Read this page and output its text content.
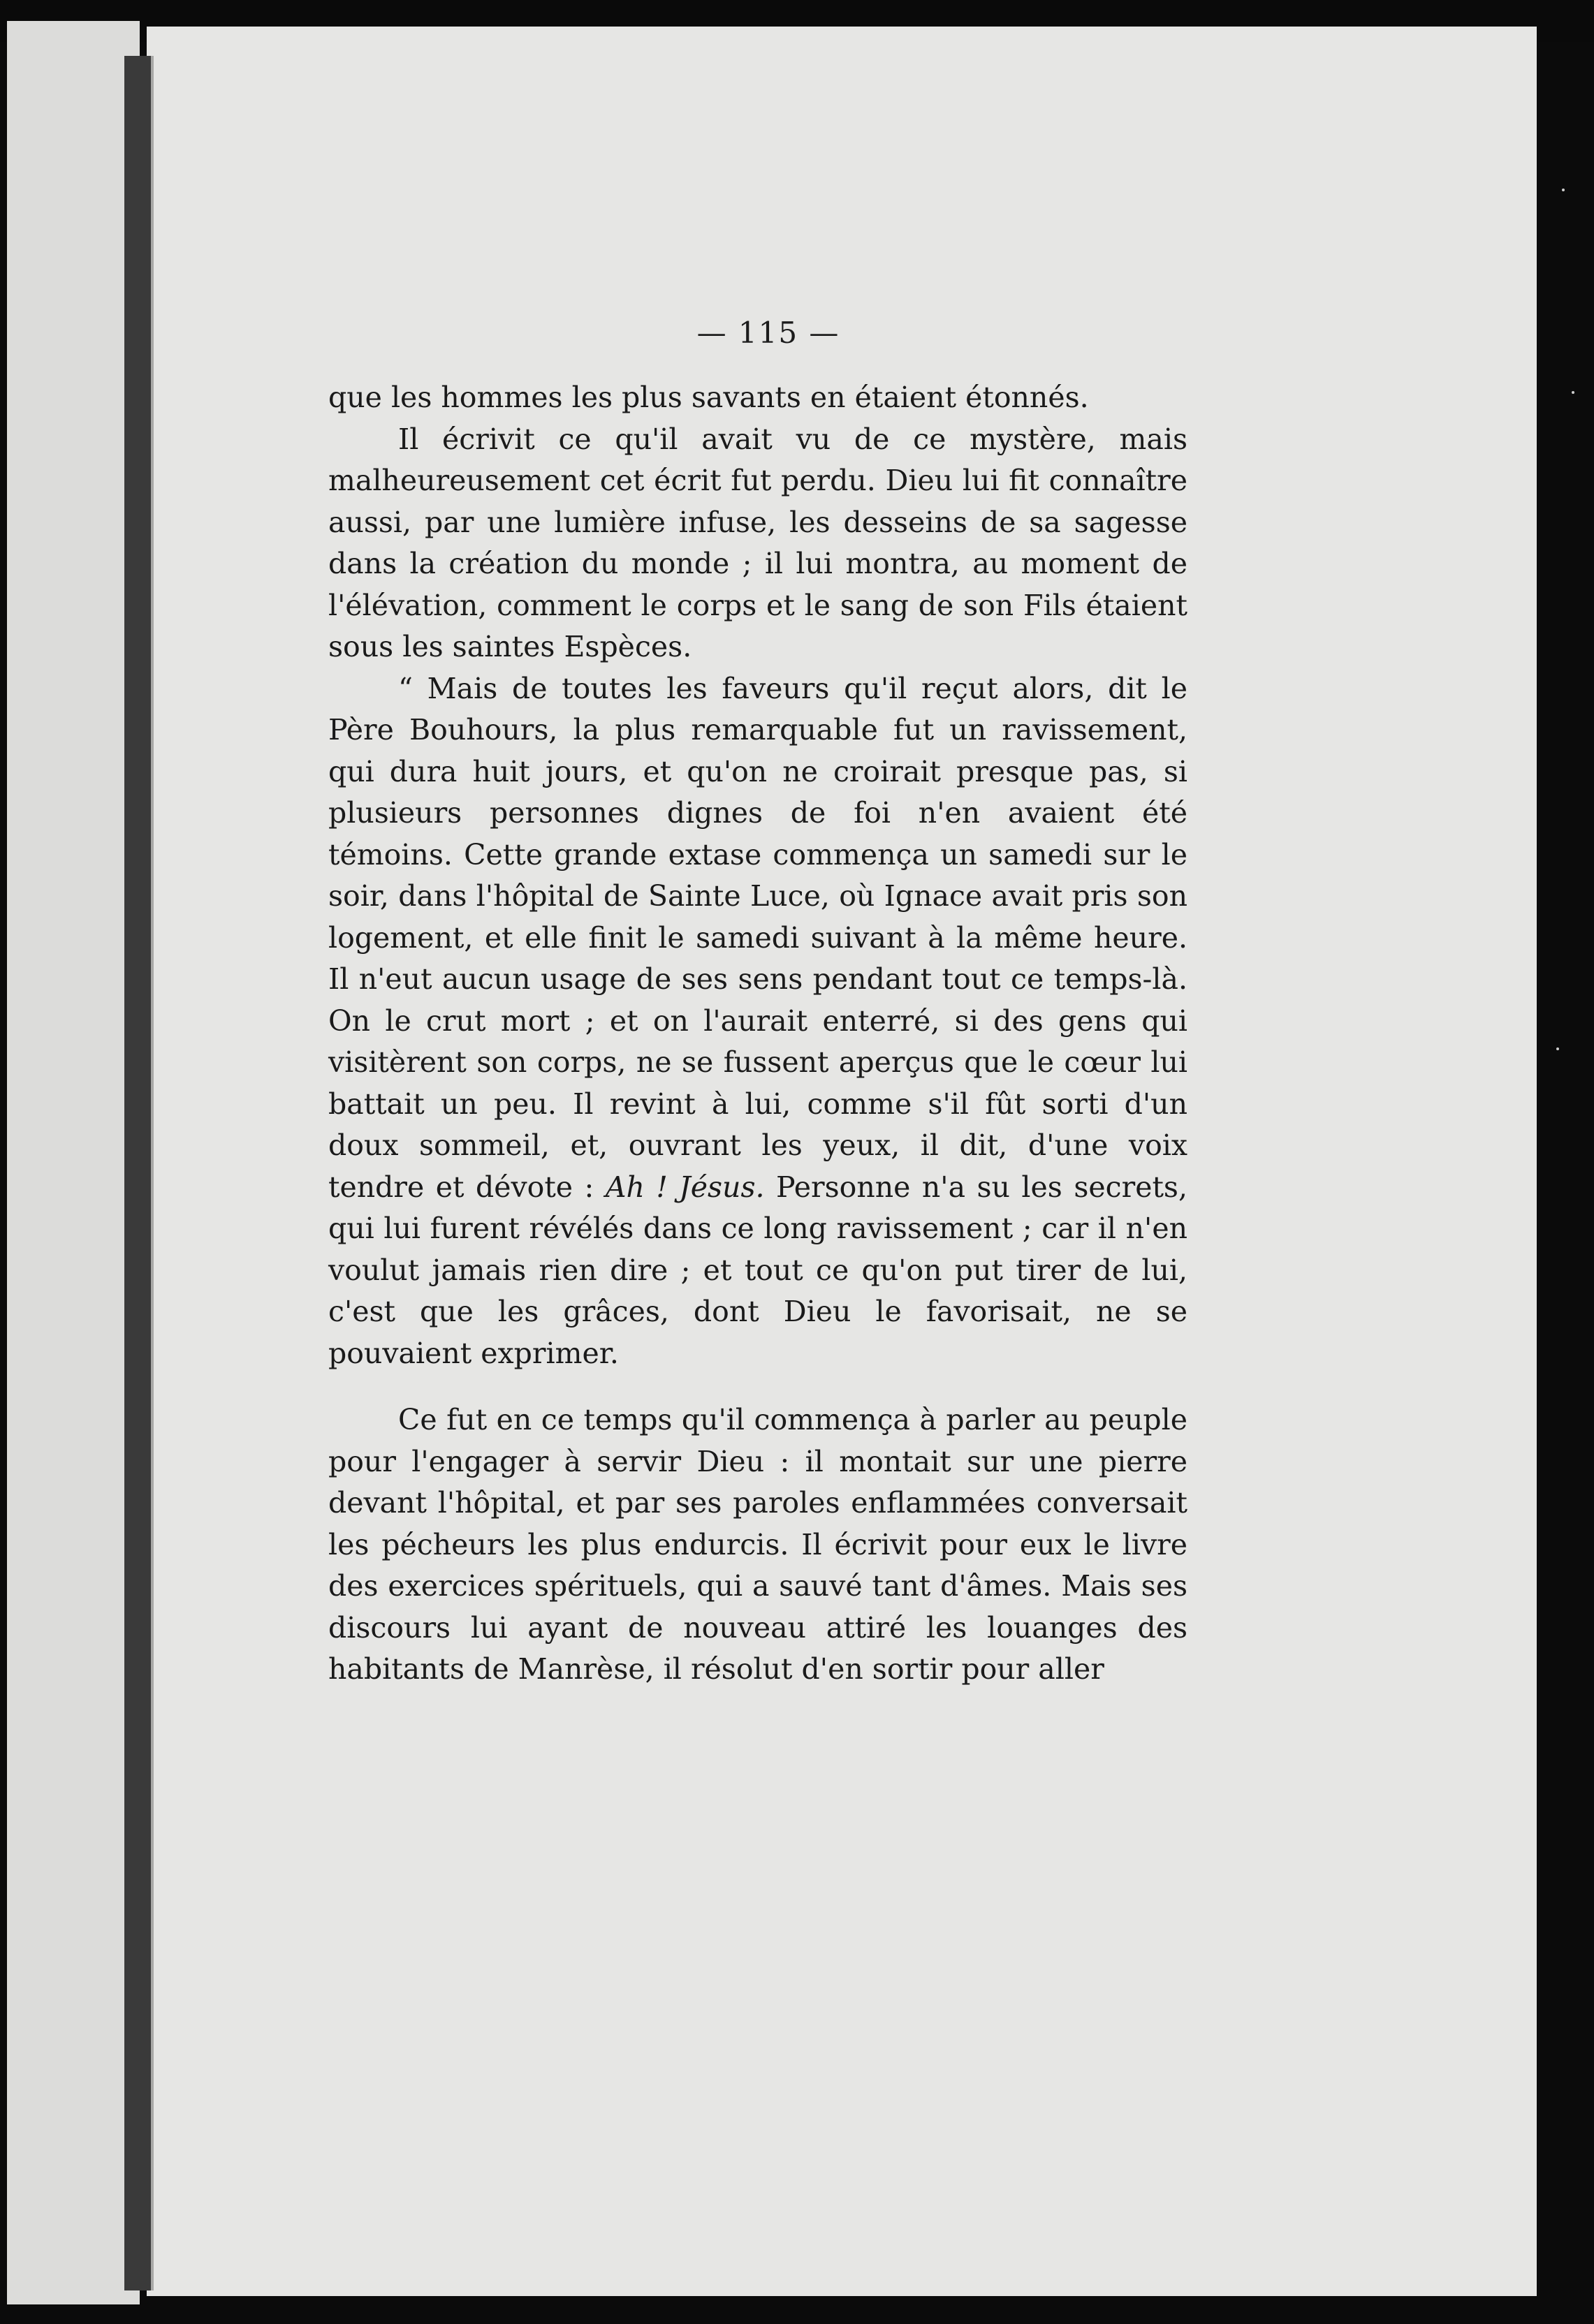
— 115 —

que les hommes les plus savants en étaient étonnés.

Il écrivit ce qu'il avait vu de ce mystère, mais malheureusement cet écrit fut perdu. Dieu lui fit connaître aussi, par une lumière infuse, les desseins de sa sagesse dans la création du monde ; il lui montra, au moment de l'élévation, comment le corps et le sang de son Fils étaient sous les saintes Espèces.

“ Mais de toutes les faveurs qu'il reçut alors, dit le Père Bouhours, la plus remarquable fut un ravissement, qui dura huit jours, et qu'on ne croirait presque pas, si plusieurs personnes dignes de foi n'en avaient été témoins. Cette grande extase commença un samedi sur le soir, dans l'hôpital de Sainte Luce, où Ignace avait pris son logement, et elle finit le samedi suivant à la même heure. Il n'eut aucun usage de ses sens pendant tout ce temps-là. On le crut mort ; et on l'aurait enterré, si des gens qui visitèrent son corps, ne se fussent aperçus que le cœur lui battait un peu. Il revint à lui, comme s'il fût sorti d'un doux sommeil, et, ouvrant les yeux, il dit, d'une voix tendre et dévote : Ah ! Jésus. Personne n'a su les secrets, qui lui furent révélés dans ce long ravissement ; car il n'en voulut jamais rien dire ; et tout ce qu'on put tirer de lui, c'est que les grâces, dont Dieu le favorisait, ne se pouvaient exprimer.

Ce fut en ce temps qu'il commença à parler au peuple pour l'engager à servir Dieu : il montait sur une pierre devant l'hôpital, et par ses paroles enflammées conversait les pécheurs les plus endurcis. Il écrivit pour eux le livre des exercices spérituels, qui a sauvé tant d'âmes. Mais ses discours lui ayant de nouveau attiré les louanges des habitants de Manrèse, il résolut d'en sortir pour aller
